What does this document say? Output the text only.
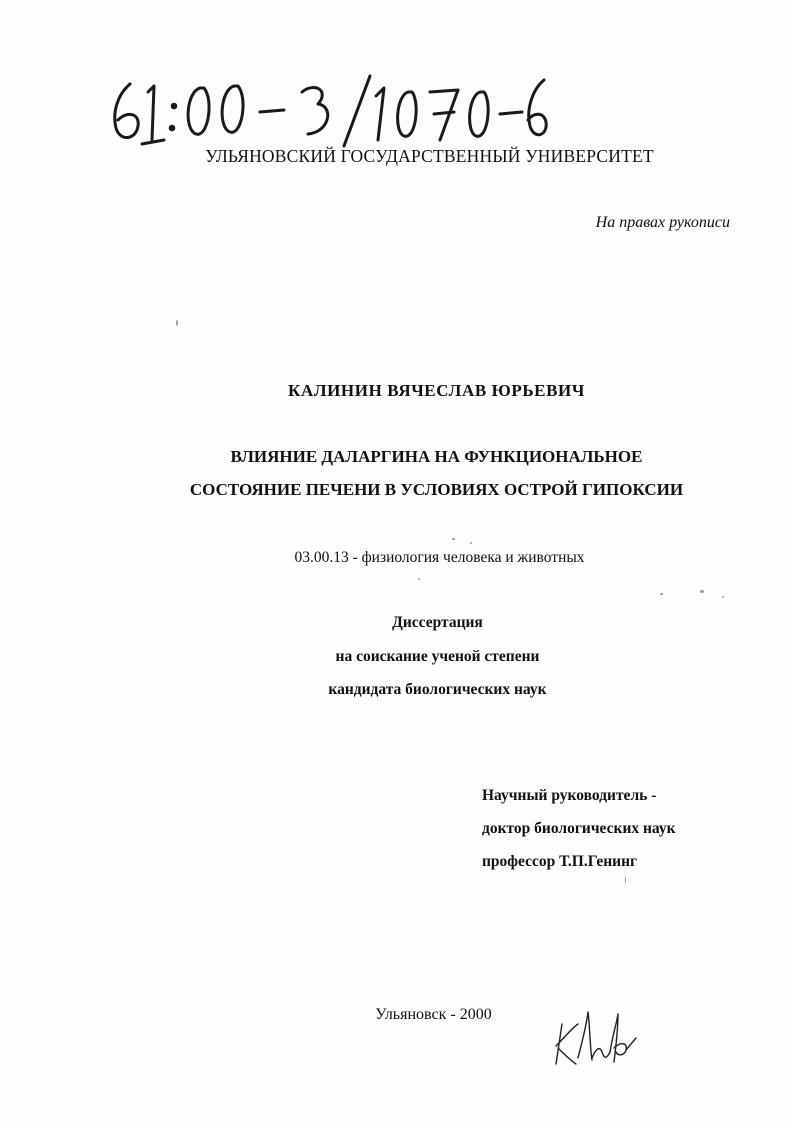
УЛЬЯНОВСКИЙ ГОСУДАРСТВЕННЫЙ УНИВЕРСИТЕТ
На правах рукописи
КАЛИНИН ВЯЧЕСЛАВ ЮРЬЕВИЧ
ВЛИЯНИЕ ДАЛАРГИНА НА ФУНКЦИОНАЛЬНОЕ
СОСТОЯНИЕ ПЕЧЕНИ В УСЛОВИЯХ ОСТРОЙ ГИПОКСИИ
03.00.13 - физиология человека и животных
Диссертация
на соискание ученой степени
кандидата биологических наук
Научный руководитель -
доктор биологических наук
профессор Т.П.Генинг
Ульяновск - 2000
